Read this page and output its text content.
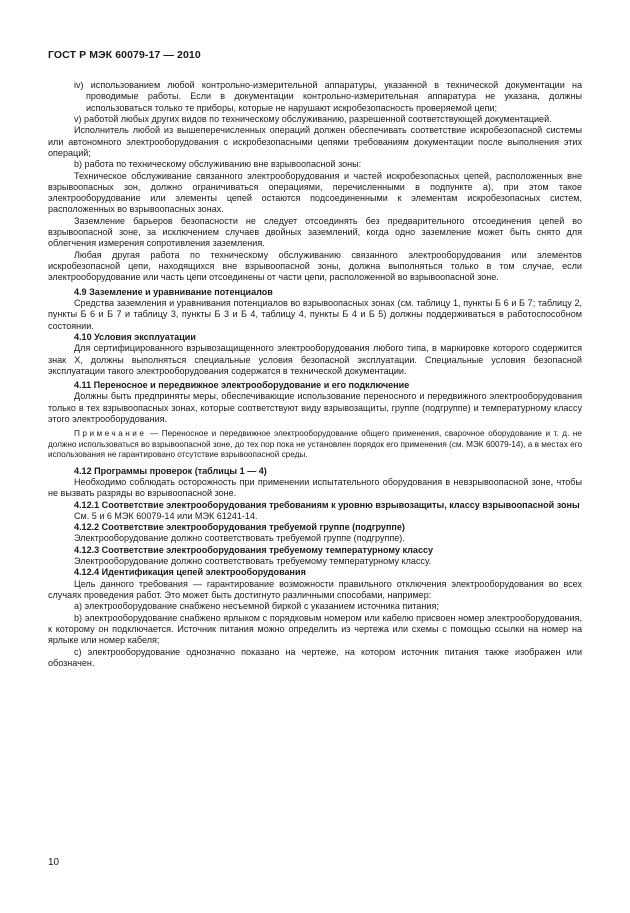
ГОСТ Р МЭК 60079-17 — 2010

iv) использованием любой контрольно-измерительной аппаратуры, указанной в технической документации на проводимые работы. Если в документации контрольно-измерительная аппаратура не указана, должны использоваться только те приборы, которые не нарушают искробезопасность проверяемой цепи;

v) работой любых других видов по техническому обслуживанию, разрешенной соответствующей документацией.

Исполнитель любой из вышеперечисленных операций должен обеспечивать соответствие искробезопасной системы или автономного электрооборудования с искробезопасными цепями требованиям документации после выполнения этих операций;

b) работа по техническому обслуживанию вне взрывоопасной зоны:

Техническое обслуживание связанного электрооборудования и частей искробезопасных цепей, расположенных вне взрывоопасных зон, должно ограничиваться операциями, перечисленными в подпункте а), при этом такое электрооборудование или элементы цепей остаются подсоединенными к элементам искробезопасных систем, расположенных во взрывоопасных зонах.

Заземление барьеров безопасности не следует отсоединять без предварительного отсоединения цепей во взрывоопасной зоне, за исключением случаев двойных заземлений, когда одно заземление может быть снято для облегчения измерения сопротивления заземления.

Любая другая работа по техническому обслуживанию связанного электрооборудования или элементов искробезопасной цепи, находящихся вне взрывоопасной зоны, должна выполняться только в том случае, если электрооборудование или часть цепи отсоединены от части цепи, расположенной во взрывоопасной зоне.

4.9 Заземление и уравнивание потенциалов

Средства заземления и уравнивания потенциалов во взрывоопасных зонах (см. таблицу 1, пункты Б 6 и Б 7; таблицу 2, пункты Б 6 и Б 7 и таблицу 3, пункты Б 3 и Б 4, таблицу 4, пункты Б 4 и Б 5) должны поддерживаться в работоспособном состоянии.

4.10 Условия эксплуатации

Для сертифицированного взрывозащищенного электрооборудования любого типа, в маркировке которого содержится знак X, должны выполняться специальные условия безопасной эксплуатации. Специальные условия безопасной эксплуатации такого электрооборудования содержатся в технической документации.

4.11 Переносное и передвижное электрооборудование и его подключение

Должны быть предприняты меры, обеспечивающие использование переносного и передвижного электрооборудования только в тех взрывоопасных зонах, которые соответствуют виду взрывозащиты, группе (подгруппе) и температурному классу этого электрооборудования.

Примечание — Переносное и передвижное электрооборудование общего применения, сварочное оборудование и т. д. не должно использоваться во взрывоопасной зоне, до тех пор пока не установлен порядок его применения (см. МЭК 60079-14), а в местах его использования не гарантировано отсутствие взрывоопасной среды.

4.12 Программы проверок (таблицы 1 — 4)

Необходимо соблюдать осторожность при применении испытательного оборудования в невзрывоопасной зоне, чтобы не вызвать разряды во взрывоопасной зоне.

4.12.1 Соответствие электрооборудования требованиям к уровню взрывозащиты, классу взрывоопасной зоны

См. 5 и 6 МЭК 60079-14 или МЭК 61241-14.

4.12.2 Соответствие электрооборудования требуемой группе (подгруппе)

Электрооборудование должно соответствовать требуемой группе (подгруппе).

4.12.3 Соответствие электрооборудования требуемому температурному классу

Электрооборудование должно соответствовать требуемому температурному классу.

4.12.4 Идентификация цепей электрооборудования

Цель данного требования — гарантирование возможности правильного отключения электрооборудования во всех случаях проведения работ. Это может быть достигнуто различными способами, например:

а) электрооборудование снабжено несъемной биркой с указанием источника питания;

b) электрооборудование снабжено ярлыком с порядковым номером или кабелю присвоен номер электрооборудования, к которому он подключается. Источник питания можно определить из чертежа или схемы с помощью ссылки на номер на ярлыке или номер кабеля;

с) электрооборудование однозначно показано на чертеже, на котором источник питания также изображен или обозначен.

10
